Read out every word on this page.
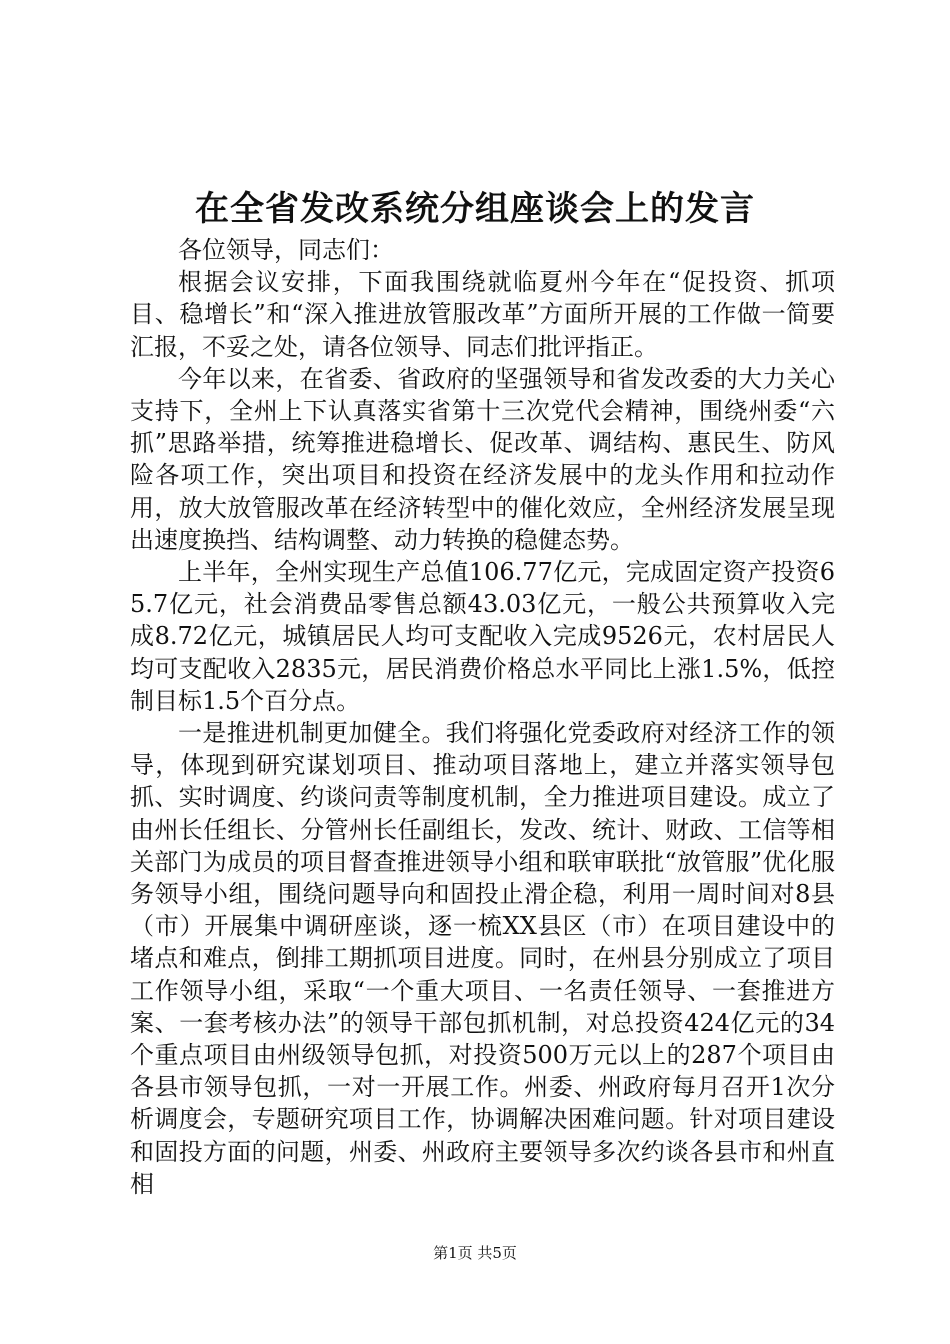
在全省发改系统分组座谈会上的发言

各位领导，同志们：

根据会议安排，下面我围绕就临夏州今年在“促投资、抓项目、稳增长”和“深入推进放管服改革”方面所开展的工作做一简要汇报，不妥之处，请各位领导、同志们批评指正。

今年以来，在省委、省政府的坚强领导和省发改委的大力关心支持下，全州上下认真落实省第十三次党代会精神，围绕州委“六抓”思路举措，统筹推进稳增长、促改革、调结构、惠民生、防风险各项工作，突出项目和投资在经济发展中的龙头作用和拉动作用，放大放管服改革在经济转型中的催化效应，全州经济发展呈现出速度换挡、结构调整、动力转换的稳健态势。

上半年，全州实现生产总值106.77亿元，完成固定资产投资65.7亿元，社会消费品零售总额43.03亿元，一般公共预算收入完成8.72亿元，城镇居民人均可支配收入完成9526元，农村居民人均可支配收入2835元，居民消费价格总水平同比上涨1.5%，低控制目标1.5个百分点。

一是推进机制更加健全。我们将强化党委政府对经济工作的领导，体现到研究谋划项目、推动项目落地上，建立并落实领导包抓、实时调度、约谈问责等制度机制，全力推进项目建设。成立了由州长任组长、分管州长任副组长，发改、统计、财政、工信等相关部门为成员的项目督查推进领导小组和联审联批“放管服”优化服务领导小组，围绕问题导向和固投止滑企稳，利用一周时间对8县（市）开展集中调研座谈，逐一梳XX县区（市）在项目建设中的堵点和难点，倒排工期抓项目进度。同时，在州县分别成立了项目工作领导小组，采取“一个重大项目、一名责任领导、一套推进方案、一套考核办法”的领导干部包抓机制，对总投资424亿元的34个重点项目由州级领导包抓，对投资500万元以上的287个项目由各县市领导包抓，一对一开展工作。州委、州政府每月召开1次分析调度会，专题研究项目工作，协调解决困难问题。针对项目建设和固投方面的问题，州委、州政府主要领导多次约谈各县市和州直相

第1页 共5页
